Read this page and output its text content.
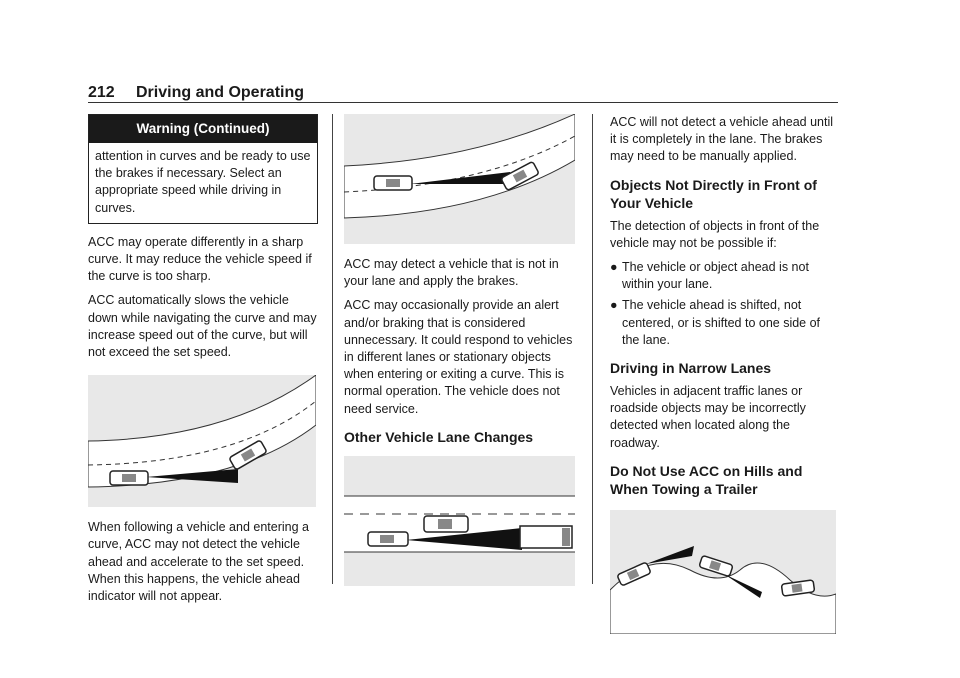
212 Driving and Operating
Warning (Continued)
attention in curves and be ready to use the brakes if necessary. Select an appropriate speed while driving in curves.

ACC may operate differently in a sharp curve. It may reduce the vehicle speed if the curve is too sharp.

ACC automatically slows the vehicle down while navigating the curve and may increase speed out of the curve, but will not exceed the set speed.

When following a vehicle and entering a curve, ACC may not detect the vehicle ahead and accelerate to the set speed. When this happens, the vehicle ahead indicator will not appear.

ACC may detect a vehicle that is not in your lane and apply the brakes.

ACC may occasionally provide an alert and/or braking that is considered unnecessary. It could respond to vehicles in different lanes or stationary objects when entering or exiting a curve. This is normal operation. The vehicle does not need service.

Other Vehicle Lane Changes

ACC will not detect a vehicle ahead until it is completely in the lane. The brakes may need to be manually applied.

Objects Not Directly in Front of Your Vehicle

The detection of objects in front of the vehicle may not be possible if:

● The vehicle or object ahead is not within your lane.
● The vehicle ahead is shifted, not centered, or is shifted to one side of the lane.
Driving in Narrow Lanes

Vehicles in adjacent traffic lanes or roadside objects may be incorrectly detected when located along the roadway.

Do Not Use ACC on Hills and When Towing a Trailer
